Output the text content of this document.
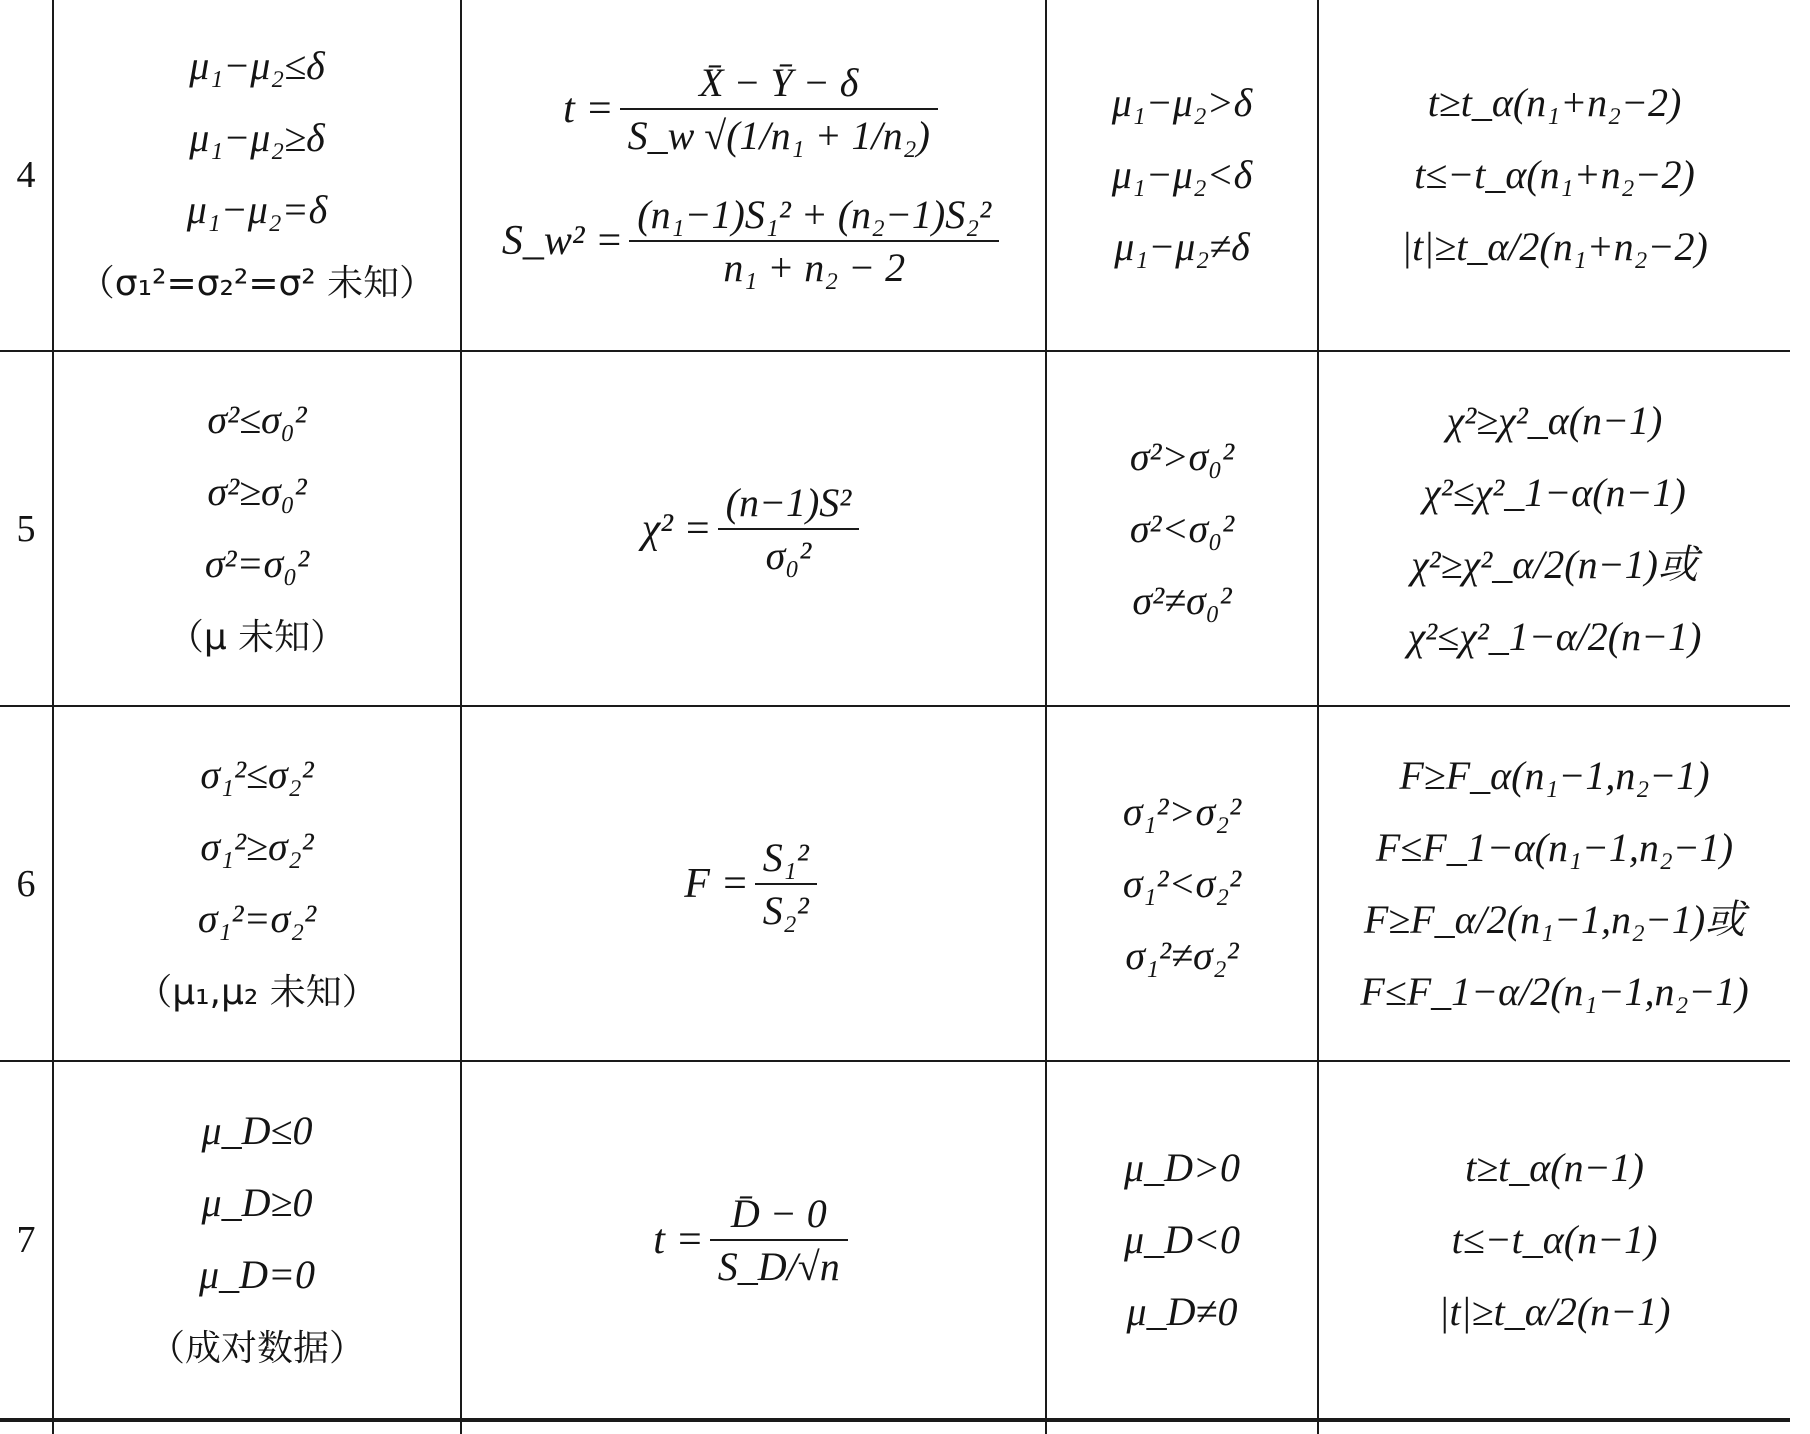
4
μ₁−μ₂≤δ
μ₁−μ₂≥δ
μ₁−μ₂=δ
（σ₁²=σ₂²=σ² 未知）
$t = \frac{X̄ - Ȳ - \delta}{\text{S\_w √(1/n₁ + 1/n₂)}}$
S_w² = $\frac{\text{(n₁−1)S₁² + (n₂−1)S₂²}}{\text{n₁ + n₂ − 2}}$
μ₁−μ₂>δ
μ₁−μ₂<δ
μ₁−μ₂≠δ
t≥t_α(n₁+n₂−2)
t≤−t_α(n₁+n₂−2)
|t|≥t_α/2(n₁+n₂−2)
5
σ²≤σ₀²
σ²≥σ₀²
σ²=σ₀²
（μ 未知）
$\chi^2 = \frac{\text{(n−1)S²}}{\text{σ₀²}}$
σ²>σ₀²
σ²<σ₀²
σ²≠σ₀²
χ²≥χ²_α(n−1)
χ²≤χ²_1−α(n−1)
χ²≥χ²_α/2(n−1)或
χ²≤χ²_1−α/2(n−1)
6
σ₁²≤σ₂²
σ₁²≥σ₂²
σ₁²=σ₂²
（μ₁,μ₂ 未知）
$F = \frac{\text{S₁²}}{\text{S₂²}}$
σ₁²>σ₂²
σ₁²<σ₂²
σ₁²≠σ₂²
F≥F_α(n₁−1,n₂−1)
F≤F_1−α(n₁−1,n₂−1)
F≥F_α/2(n₁−1,n₂−1)或
F≤F_1−α/2(n₁−1,n₂−1)
7
μ_D≤0
μ_D≥0
μ_D=0
（成对数据）
$t = \frac{D̄ - 0}{S\_D/√n}$
μ_D>0
μ_D<0
μ_D≠0
t≥t_α(n−1)
t≤−t_α(n−1)
|t|≥t_α/2(n−1)
